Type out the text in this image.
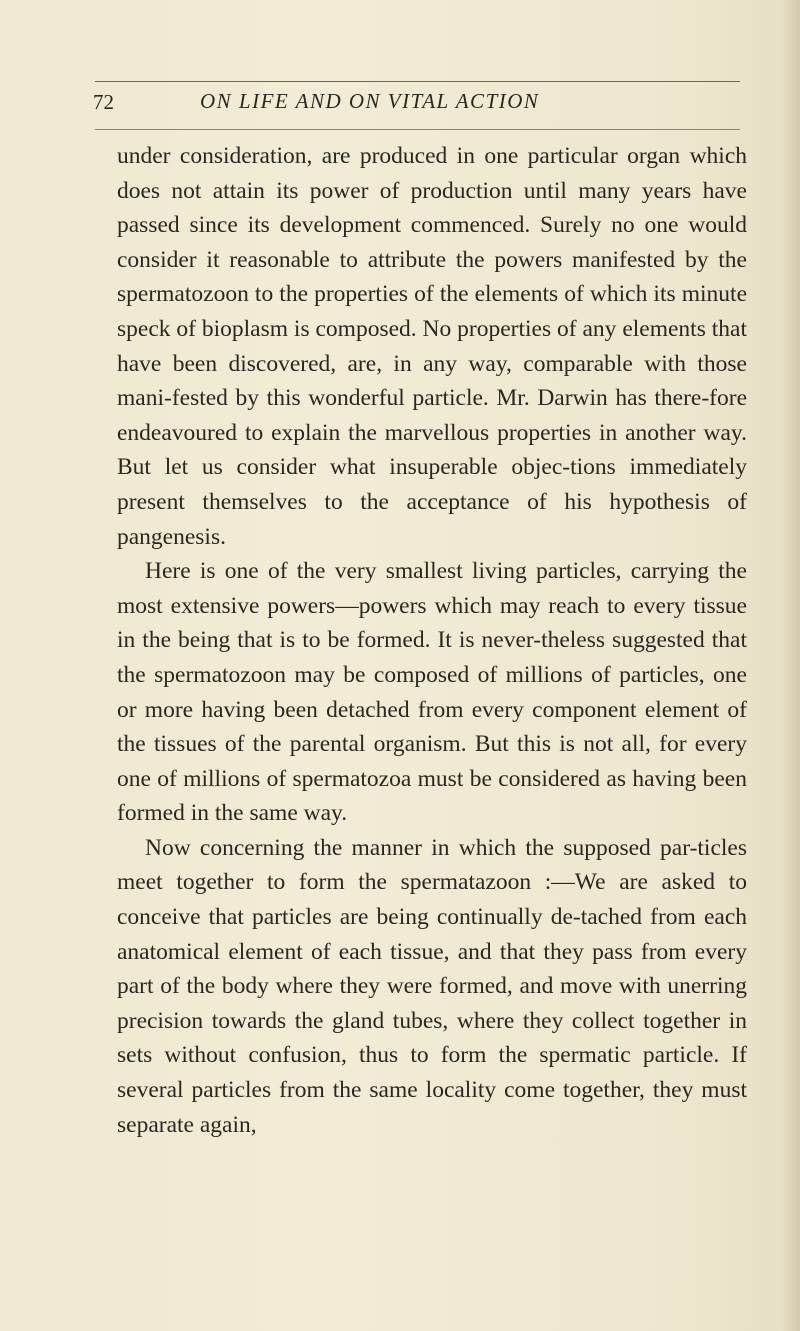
72	ON LIFE AND ON VITAL ACTION

under consideration, are produced in one particular organ which does not attain its power of production until many years have passed since its development commenced. Surely no one would consider it reasonable to attribute the powers manifested by the spermatozoon to the properties of the elements of which its minute speck of bioplasm is composed. No properties of any elements that have been discovered, are, in any way, comparable with those mani-fested by this wonderful particle. Mr. Darwin has there-fore endeavoured to explain the marvellous properties in another way. But let us consider what insuperable objec-tions immediately present themselves to the acceptance of his hypothesis of pangenesis.

Here is one of the very smallest living particles, carrying the most extensive powers—powers which may reach to every tissue in the being that is to be formed. It is never-theless suggested that the spermatozoon may be composed of millions of particles, one or more having been detached from every component element of the tissues of the parental organism. But this is not all, for every one of millions of spermatozoa must be considered as having been formed in the same way.

Now concerning the manner in which the supposed par-ticles meet together to form the spermatazoon :—We are asked to conceive that particles are being continually de-tached from each anatomical element of each tissue, and that they pass from every part of the body where they were formed, and move with unerring precision towards the gland tubes, where they collect together in sets without confusion, thus to form the spermatic particle. If several particles from the same locality come together, they must separate again,
